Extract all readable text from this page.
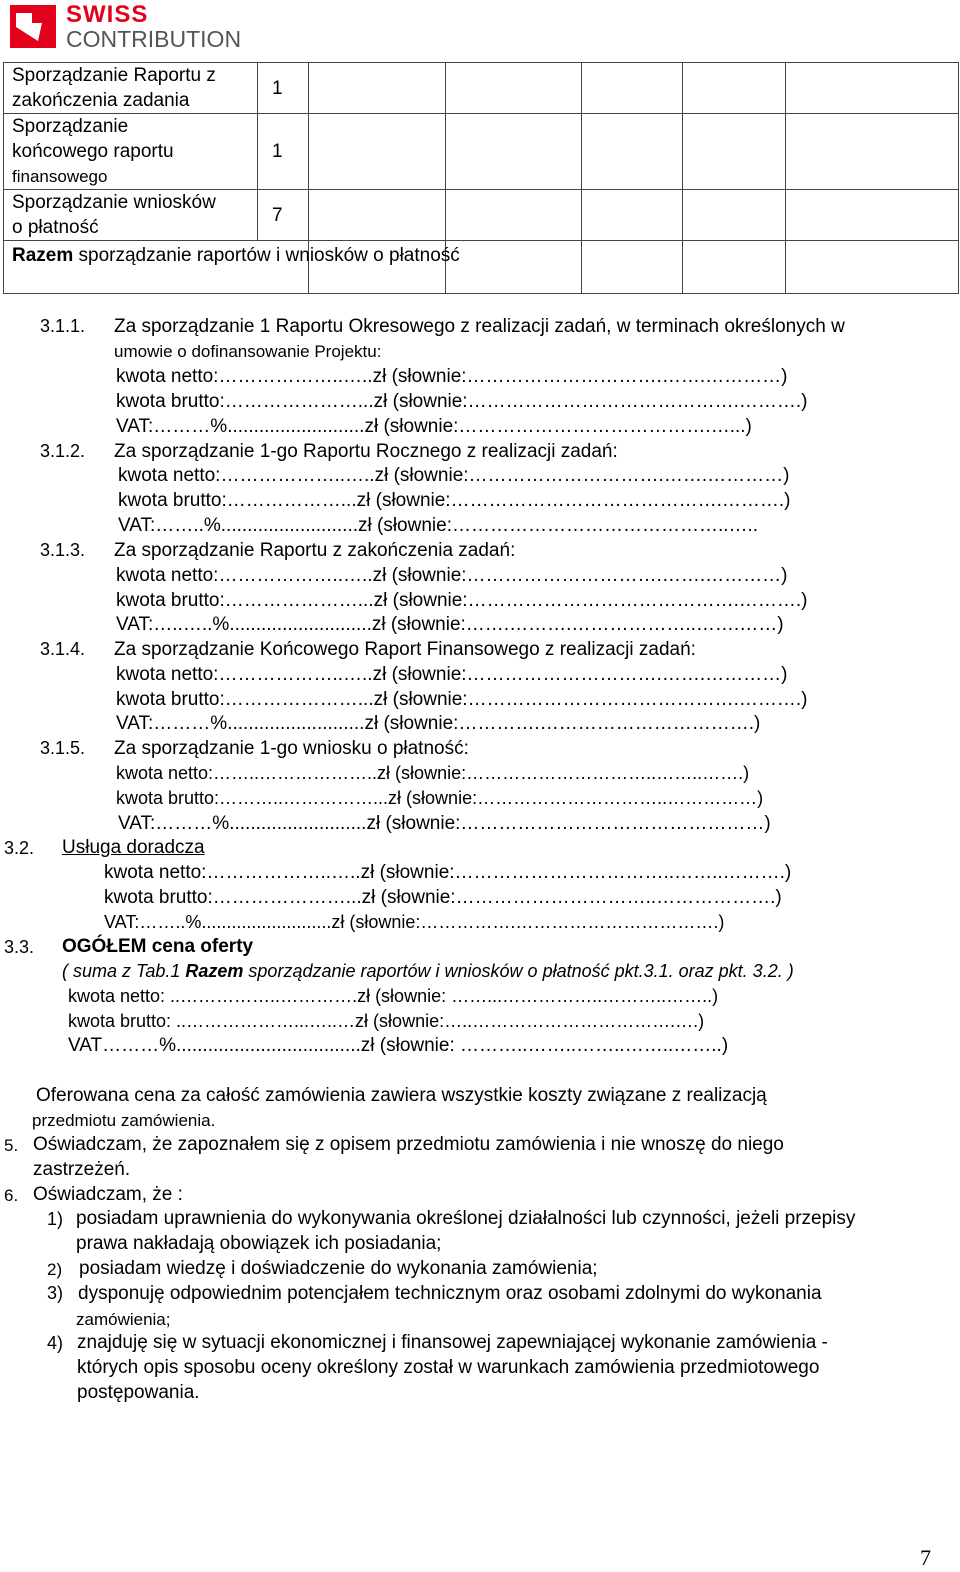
SWISS
CONTRIBUTION
Sporządzanie Raportu z zakończenia zadania	1					

Sporządzanie
końcowego raportu
finansowego	1					

Sporządzanie wniosków
o płatność	7					
Razem sporządzanie raportów i wniosków o płatność						
3.1.1. Za sporządzanie 1 Raportu Okresowego z realizacji zadań, w terminach określonych w
umowie o dofinansowanie Projektu:
kwota netto:………………..…..zł (słownie:………………………….…….…………)
kwota brutto:…………………...zł (słownie:…………………………………….……….)
VAT:………%..........................zł (słownie:………………………………….…...)
3.1.2. Za sporządzanie 1-go Raportu Rocznego z realizacji zadań:
kwota netto:………………..…..zł (słownie:………………………….…….…………)
kwota brutto:………………...zł (słownie:…………………………………….……….)
VAT:……..%..........................zł (słownie:……………………………………..…..
3.1.3. Za sporządzanie Raportu z zakończenia zadań:
kwota netto:………………..…..zł (słownie:………………………….…….…………)
kwota brutto:…………………...zł (słownie:…………………………………….……….)
VAT:…..…..%...........................zł (słownie:…….……….………………..…….……)
3.1.4. Za sporządzanie Końcowego Raport Finansowego z realizacji zadań:
kwota netto:………………..…..zł (słownie:………………………….…….…………)
kwota brutto:…………………...zł (słownie:…………………………………….……….)
VAT:………%..........................zł (słownie:………….…………………………….)
3.1.5. Za sporządzanie 1-go wniosku o płatność:
kwota netto:……..………………..zł (słownie:…………………………..……..…….)
kwota brutto:………..……………...zł (słownie:…………………………..……………)
VAT:………%..........................zł (słownie:…………………………………………)
3.2. Usługa doradcza
kwota netto:………………..…..zł (słownie:……………………………..……..……….)
kwota brutto:…………………...zł (słownie:…………………………..……………….)
VAT:……..%..........................zł (słownie:…………….…………………………….)
3.3. OGÓŁEM cena oferty
( suma z Tab.1 Razem sporządzanie raportów i wniosków o płatność pkt.3.1. oraz pkt. 3.2. )
kwota netto: ..……………..………….zł (słownie: ……...……………..………..……..)
kwota brutto: ..………………...…..…zł (słownie:…..…………………………….….)
VAT………%...................................zł (słownie: ………..……..……..……..……..)
Oferowana cena za całość zamówienia zawiera wszystkie koszty związane z realizacją
przedmiotu zamówienia.
5. Oświadczam, że zapoznałem się z opisem przedmiotu zamówienia i nie wnoszę do niego
zastrzeżeń.
6. Oświadczam, że :
1) posiadam uprawnienia do wykonywania określonej działalności lub czynności, jeżeli przepisy
prawa nakładają obowiązek ich posiadania;
2) posiadam wiedzę i doświadczenie do wykonania zamówienia;
3) dysponuję odpowiednim potencjałem technicznym oraz osobami zdolnymi do wykonania
zamówienia;
4) znajduję się w sytuacji ekonomicznej i finansowej zapewniającej wykonanie zamówienia -
których opis sposobu oceny określony został w warunkach zamówienia przedmiotowego
postępowania.
7
